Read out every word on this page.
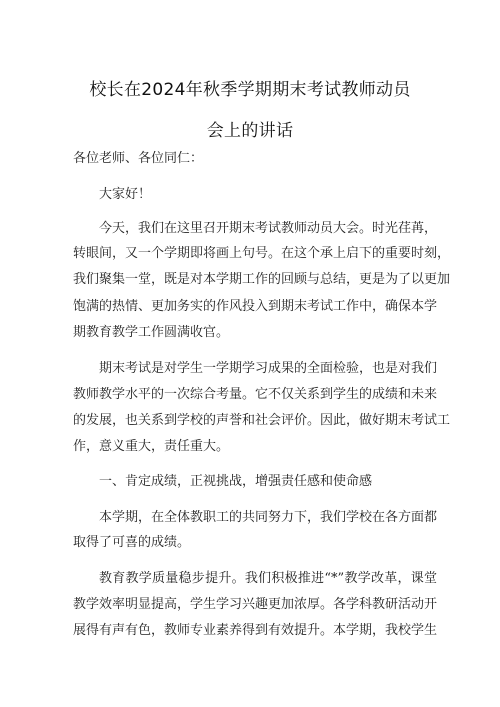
校长在2024年秋季学期期末考试教师动员
会上的讲话
各位老师、各位同仁：
大家好！
今天，我们在这里召开期末考试教师动员大会。时光荏苒，
转眼间，又一个学期即将画上句号。在这个承上启下的重要时刻，
我们聚集一堂，既是对本学期工作的回顾与总结，更是为了以更加
饱满的热情、更加务实的作风投入到期末考试工作中，确保本学
期教育教学工作圆满收官。
期末考试是对学生一学期学习成果的全面检验，也是对我们
教师教学水平的一次综合考量。它不仅关系到学生的成绩和未来
的发展，也关系到学校的声誉和社会评价。因此，做好期末考试工
作，意义重大，责任重大。
一、肯定成绩，正视挑战，增强责任感和使命感
本学期，在全体教职工的共同努力下，我们学校在各方面都
取得了可喜的成绩。
教育教学质量稳步提升。我们积极推进“*”教学改革，课堂
教学效率明显提高，学生学习兴趣更加浓厚。各学科教研活动开
展得有声有色，教师专业素养得到有效提升。本学期，我校学生
